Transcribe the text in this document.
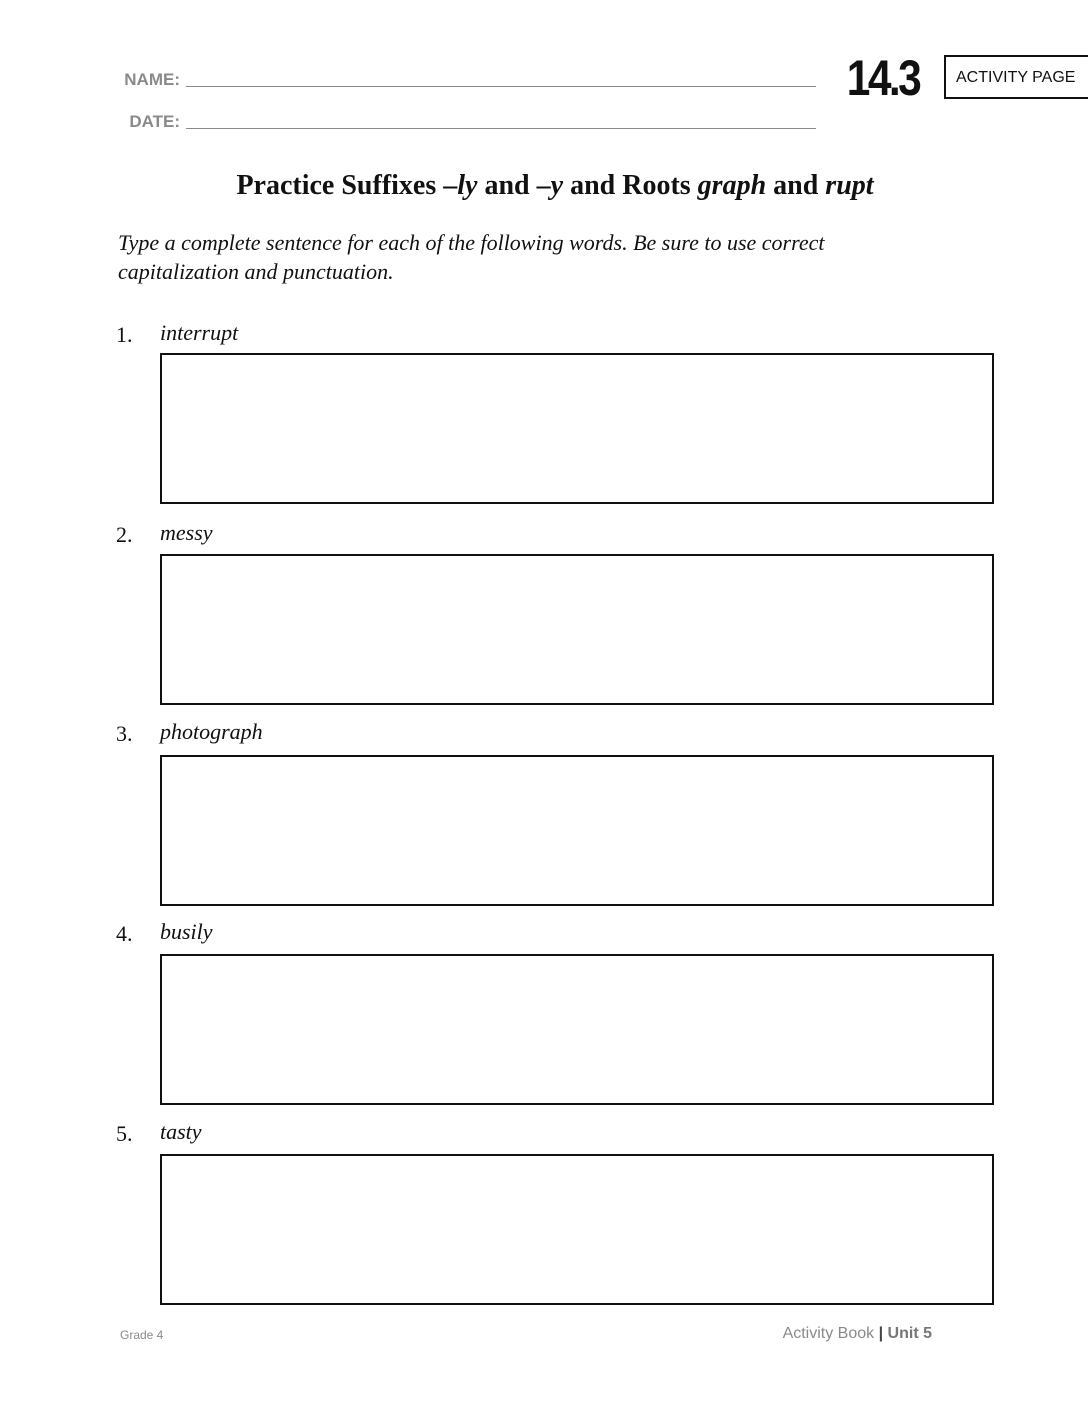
NAME:
DATE:
14.3	ACTIVITY PAGE
Practice Suffixes –ly and –y and Roots graph and rupt
Type a complete sentence for each of the following words. Be sure to use correct capitalization and punctuation.
1.	interrupt
2.	messy
3.	photograph
4.	busily
5.	tasty
Grade 4	Activity Book | Unit 5
